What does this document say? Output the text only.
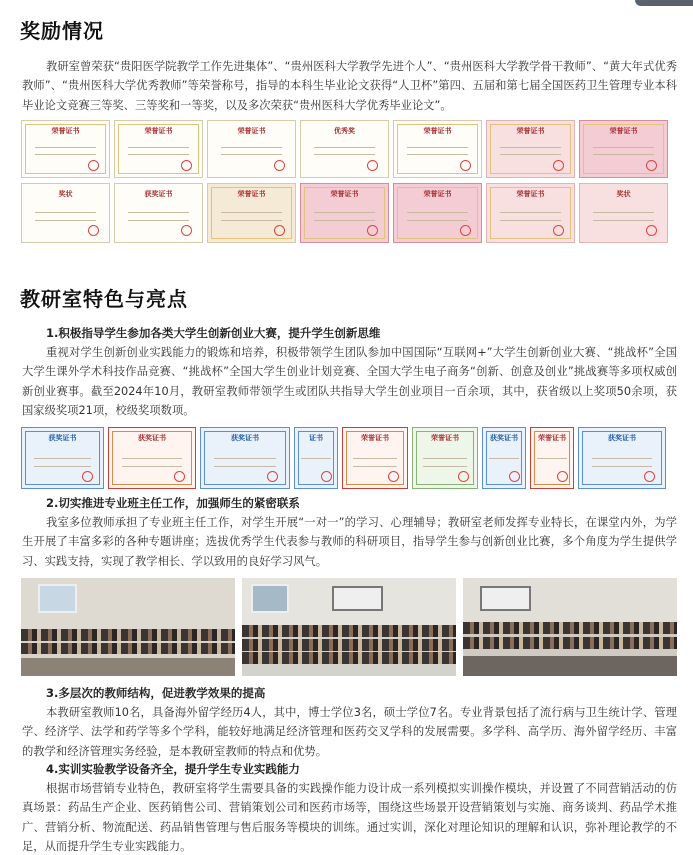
奖励情况
教研室曾荣获“贵阳医学院教学工作先进集体”、“贵州医科大学教学先进个人”、“贵州医科大学教学骨干教师”、“黄大年式优秀教师”、“贵州医科大学优秀教师”等荣誉称号，指导的本科生毕业论文获得“人卫杯”第四、五届和第七届全国医药卫生管理专业本科毕业论文竞赛三等奖、三等奖和一等奖，以及多次荣获“贵州医科大学优秀毕业论文”。
荣誉证书	荣誉证书	荣誉证书	优秀奖	荣誉证书	荣誉证书	荣誉证书
奖状	获奖证书	荣誉证书	荣誉证书	荣誉证书	荣誉证书	奖状
教研室特色与亮点
1.积极指导学生参加各类大学生创新创业大赛，提升学生创新思维
重视对学生创新创业实践能力的锻炼和培养，积极带领学生团队参加中国国际“互联网+”大学生创新创业大赛、“挑战杯”全国大学生课外学术科技作品竞赛、“挑战杯”全国大学生创业计划竞赛、全国大学生电子商务“创新、创意及创业”挑战赛等多项权威创新创业赛事。截至2024年10月，教研室教师带领学生或团队共指导大学生创业项目一百余项，其中，获省级以上奖项50余项，获国家级奖项21项，校级奖项数项。
获奖证书	获奖证书	获奖证书	证书	荣誉证书	荣誉证书	获奖证书	荣誉证书	获奖证书
2.切实推进专业班主任工作，加强师生的紧密联系
我室多位教师承担了专业班主任工作，对学生开展“一对一”的学习、心理辅导；教研室老师发挥专业特长，在课堂内外，为学生开展了丰富多彩的各种专题讲座；选拔优秀学生代表参与教师的科研项目，指导学生参与创新创业比赛，多个角度为学生提供学习、实践支持，实现了教学相长、学以致用的良好学习风气。
3.多层次的教师结构，促进教学效果的提高
本教研室教师10名，具备海外留学经历4人，其中，博士学位3名，硕士学位7名。专业背景包括了流行病与卫生统计学、管理学、经济学、法学和药学等多个学科，能较好地满足经济管理和医药交叉学科的发展需要。多学科、高学历、海外留学经历、丰富的教学和经济管理实务经验，是本教研室教师的特点和优势。
4.实训实验教学设备齐全，提升学生专业实践能力
根据市场营销专业特色，教研室将学生需要具备的实践操作能力设计成一系列模拟实训操作模块，并设置了不同营销活动的仿真场景：药品生产企业、医药销售公司、营销策划公司和医药市场等，围绕这些场景开设营销策划与实施、商务谈判、药品学术推广、营销分析、物流配送、药品销售管理与售后服务等模块的训练。通过实训，深化对理论知识的理解和认识，弥补理论教学的不足，从而提升学生专业实践能力。
